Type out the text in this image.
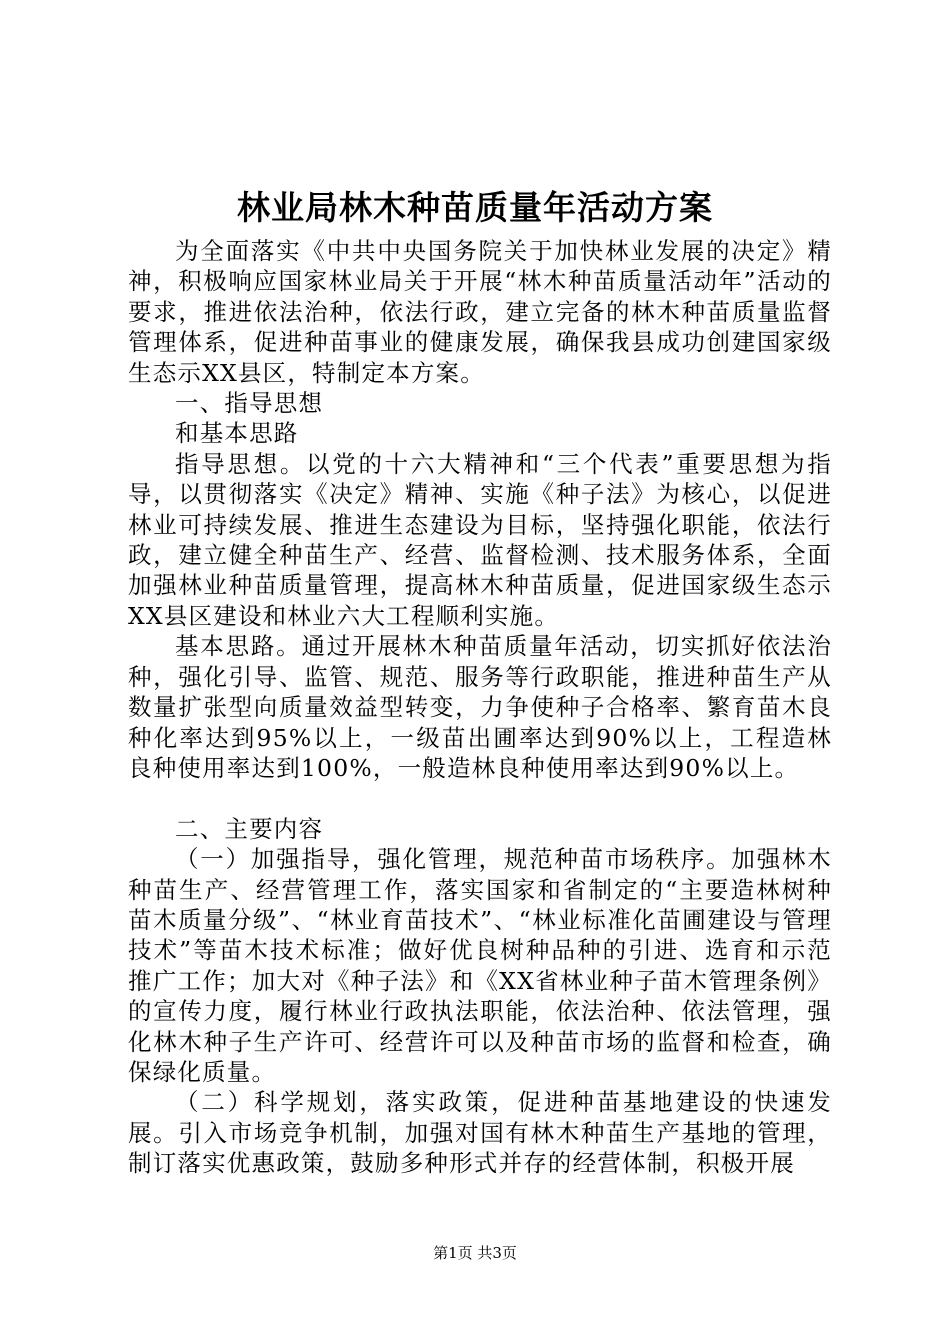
林业局林木种苗质量年活动方案

为全面落实《中共中央国务院关于加快林业发展的决定》精神，积极响应国家林业局关于开展“林木种苗质量活动年”活动的要求，推进依法治种，依法行政，建立完备的林木种苗质量监督管理体系，促进种苗事业的健康发展，确保我县成功创建国家级生态示XX县区，特制定本方案。

一、指导思想

和基本思路

指导思想。以党的十六大精神和“三个代表”重要思想为指导，以贯彻落实《决定》精神、实施《种子法》为核心，以促进林业可持续发展、推进生态建设为目标，坚持强化职能，依法行政，建立健全种苗生产、经营、监督检测、技术服务体系，全面加强林业种苗质量管理，提高林木种苗质量，促进国家级生态示XX县区建设和林业六大工程顺利实施。

基本思路。通过开展林木种苗质量年活动，切实抓好依法治种，强化引导、监管、规范、服务等行政职能，推进种苗生产从数量扩张型向质量效益型转变，力争使种子合格率、繁育苗木良种化率达到95%以上，一级苗出圃率达到90%以上，工程造林良种使用率达到100%，一般造林良种使用率达到90%以上。

二、主要内容

（一）加强指导，强化管理，规范种苗市场秩序。加强林木种苗生产、经营管理工作，落实国家和省制定的“主要造林树种苗木质量分级”、“林业育苗技术”、“林业标准化苗圃建设与管理技术”等苗木技术标准；做好优良树种品种的引进、选育和示范推广工作；加大对《种子法》和《XX省林业种子苗木管理条例》的宣传力度，履行林业行政执法职能，依法治种、依法管理，强化林木种子生产许可、经营许可以及种苗市场的监督和检查，确保绿化质量。

（二）科学规划，落实政策，促进种苗基地建设的快速发展。引入市场竞争机制，加强对国有林木种苗生产基地的管理，制订落实优惠政策，鼓励多种形式并存的经营体制，积极开展

第1页 共3页
